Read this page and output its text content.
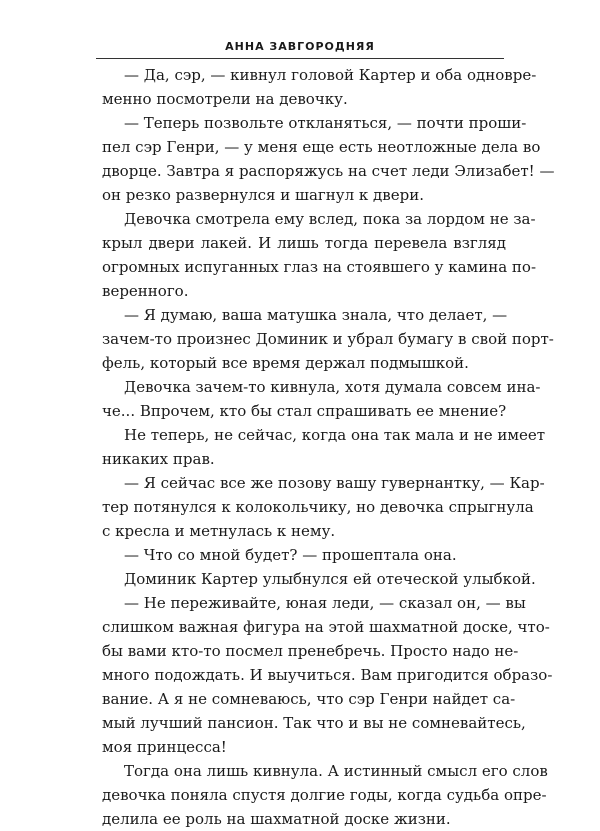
АННА ЗАВГОРОДНЯЯ
— Да, сэр, — кивнул головой Картер и оба одновре-
менно посмотрели на девочку.
— Теперь позвольте откланяться, — почти проши-
пел сэр Генри, — у меня еще есть неотложные дела во
дворце. Завтра я распоряжусь на счет леди Элизабет! —
он резко развернулся и шагнул к двери.
Девочка смотрела ему вслед, пока за лордом не за-
крыл двери лакей. И лишь тогда перевела взгляд
огромных испуганных глаз на стоявшего у камина по-
веренного.
— Я думаю, ваша матушка знала, что делает, —
зачем-то произнес Доминик и убрал бумагу в свой порт-
фель, который все время держал подмышкой.
Девочка зачем-то кивнула, хотя думала совсем ина-
че... Впрочем, кто бы стал спрашивать ее мнение?
Не теперь, не сейчас, когда она так мала и не имеет
никаких прав.
— Я сейчас все же позову вашу гувернантку, — Кар-
тер потянулся к колокольчику, но девочка спрыгнула
с кресла и метнулась к нему.
— Что со мной будет? — прошептала она.
Доминик Картер улыбнулся ей отеческой улыбкой.
— Не переживайте, юная леди, — сказал он, — вы
слишком важная фигура на этой шахматной доске, что-
бы вами кто-то посмел пренебречь. Просто надо не-
много подождать. И выучиться. Вам пригодится образо-
вание. А я не сомневаюсь, что сэр Генри найдет са-
мый лучший пансион. Так что и вы не сомневайтесь,
моя принцесса!
Тогда она лишь кивнула. А истинный смысл его слов
девочка поняла спустя долгие годы, когда судьба опре-
делила ее роль на шахматной доске жизни.
